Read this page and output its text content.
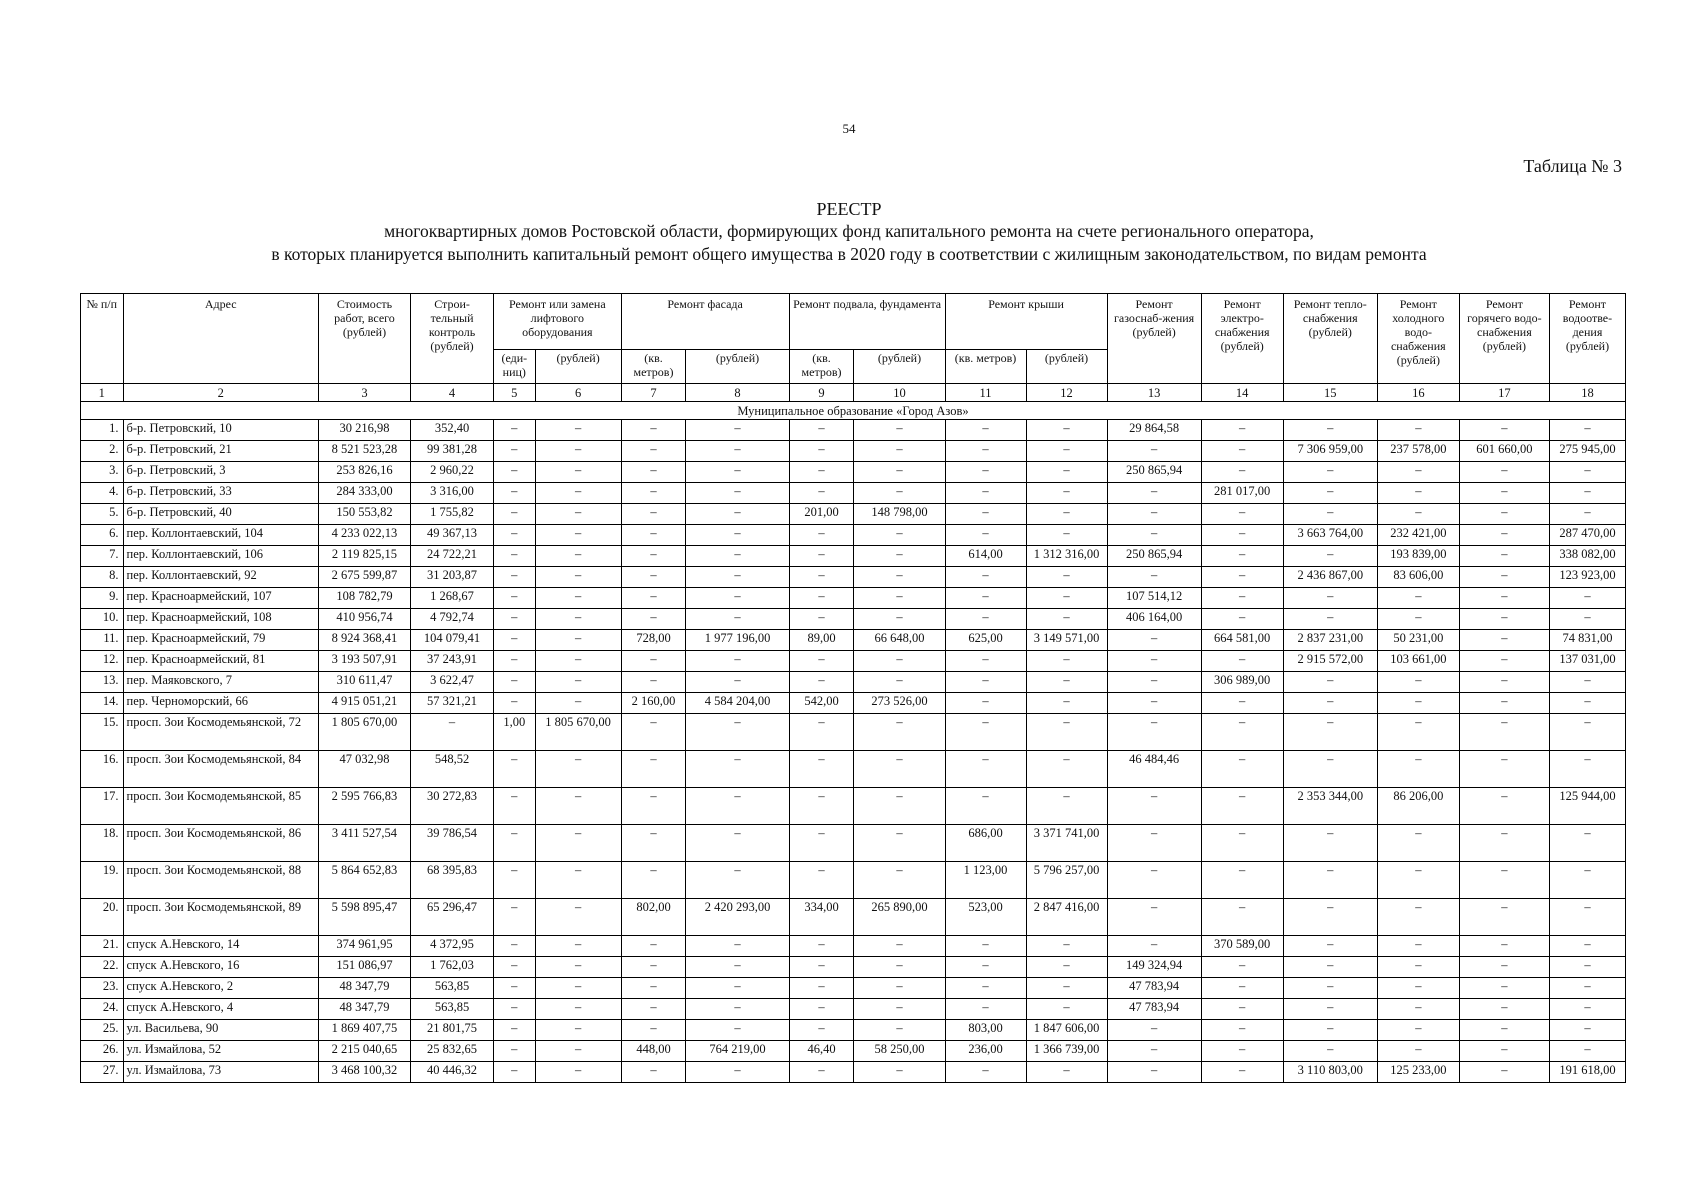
54
Таблица № 3
РЕЕСТР
многоквартирных домов Ростовской области, формирующих фонд капитального ремонта на счете регионального оператора,
в которых планируется выполнить капитальный ремонт общего имущества в 2020 году в соответствии с жилищным законодательством, по видам ремонта
№ п/п	Адрес	Стоимость работ, всего (рублей)	Строи-тельный контроль (рублей)	Ремонт или замена лифтового оборудования		Ремонт фасада		Ремонт подвала, фундамента		Ремонт крыши		Ремонт газоснаб-жения (рублей)	Ремонт электро-снабжения (рублей)	Ремонт тепло-снабжения (рублей)	Ремонт холодного водо-снабжения (рублей)	Ремонт горячего водо-снабжения (рублей)	Ремонт водоотве-дения (рублей)
				(еди-ниц)	(рублей)	(кв. метров)	(рублей)	(кв. метров)	(рублей)	(кв. метров)	(рублей)						
1	2	3	4	5	6	7	8	9	10	11	12	13	14	15	16	17	18
Муниципальное образование «Город Азов»																	
1.	б-р. Петровский, 10	30 216,98	352,40	–	–	–	–	–	–	–	–	29 864,58	–	–	–	–	–
2.	б-р. Петровский, 21	8 521 523,28	99 381,28	–	–	–	–	–	–	–	–	–	–	7 306 959,00	237 578,00	601 660,00	275 945,00
3.	б-р. Петровский, 3	253 826,16	2 960,22	–	–	–	–	–	–	–	–	250 865,94	–	–	–	–	–
4.	б-р. Петровский, 33	284 333,00	3 316,00	–	–	–	–	–	–	–	–	–	281 017,00	–	–	–	–
5.	б-р. Петровский, 40	150 553,82	1 755,82	–	–	–	–	201,00	148 798,00	–	–	–	–	–	–	–	–
6.	пер. Коллонтаевский, 104	4 233 022,13	49 367,13	–	–	–	–	–	–	–	–	–	–	3 663 764,00	232 421,00	–	287 470,00
7.	пер. Коллонтаевский, 106	2 119 825,15	24 722,21	–	–	–	–	–	–	614,00	1 312 316,00	250 865,94	–	–	193 839,00	–	338 082,00
8.	пер. Коллонтаевский, 92	2 675 599,87	31 203,87	–	–	–	–	–	–	–	–	–	–	2 436 867,00	83 606,00	–	123 923,00
9.	пер. Красноармейский, 107	108 782,79	1 268,67	–	–	–	–	–	–	–	–	107 514,12	–	–	–	–	–
10.	пер. Красноармейский, 108	410 956,74	4 792,74	–	–	–	–	–	–	–	–	406 164,00	–	–	–	–	–
11.	пер. Красноармейский, 79	8 924 368,41	104 079,41	–	–	728,00	1 977 196,00	89,00	66 648,00	625,00	3 149 571,00	–	664 581,00	2 837 231,00	50 231,00	–	74 831,00
12.	пер. Красноармейский, 81	3 193 507,91	37 243,91	–	–	–	–	–	–	–	–	–	–	2 915 572,00	103 661,00	–	137 031,00
13.	пер. Маяковского, 7	310 611,47	3 622,47	–	–	–	–	–	–	–	–	–	306 989,00	–	–	–	–
14.	пер. Черноморский, 66	4 915 051,21	57 321,21	–	–	2 160,00	4 584 204,00	542,00	273 526,00	–	–	–	–	–	–	–	–
15.	просп. Зои Космодемьянской, 72	1 805 670,00	–	1,00	1 805 670,00	–	–	–	–	–	–	–	–	–	–	–	–
16.	просп. Зои Космодемьянской, 84	47 032,98	548,52	–	–	–	–	–	–	–	–	46 484,46	–	–	–	–	–
17.	просп. Зои Космодемьянской, 85	2 595 766,83	30 272,83	–	–	–	–	–	–	–	–	–	–	2 353 344,00	86 206,00	–	125 944,00
18.	просп. Зои Космодемьянской, 86	3 411 527,54	39 786,54	–	–	–	–	–	–	686,00	3 371 741,00	–	–	–	–	–	–
19.	просп. Зои Космодемьянской, 88	5 864 652,83	68 395,83	–	–	–	–	–	–	1 123,00	5 796 257,00	–	–	–	–	–	–
20.	просп. Зои Космодемьянской, 89	5 598 895,47	65 296,47	–	–	802,00	2 420 293,00	334,00	265 890,00	523,00	2 847 416,00	–	–	–	–	–	–
21.	спуск А.Невского, 14	374 961,95	4 372,95	–	–	–	–	–	–	–	–	–	370 589,00	–	–	–	–
22.	спуск А.Невского, 16	151 086,97	1 762,03	–	–	–	–	–	–	–	–	149 324,94	–	–	–	–	–
23.	спуск А.Невского, 2	48 347,79	563,85	–	–	–	–	–	–	–	–	47 783,94	–	–	–	–	–
24.	спуск А.Невского, 4	48 347,79	563,85	–	–	–	–	–	–	–	–	47 783,94	–	–	–	–	–
25.	ул. Васильева, 90	1 869 407,75	21 801,75	–	–	–	–	–	–	803,00	1 847 606,00	–	–	–	–	–	–
26.	ул. Измайлова, 52	2 215 040,65	25 832,65	–	–	448,00	764 219,00	46,40	58 250,00	236,00	1 366 739,00	–	–	–	–	–	–
27.	ул. Измайлова, 73	3 468 100,32	40 446,32	–	–	–	–	–	–	–	–	–	–	3 110 803,00	125 233,00	–	191 618,00
